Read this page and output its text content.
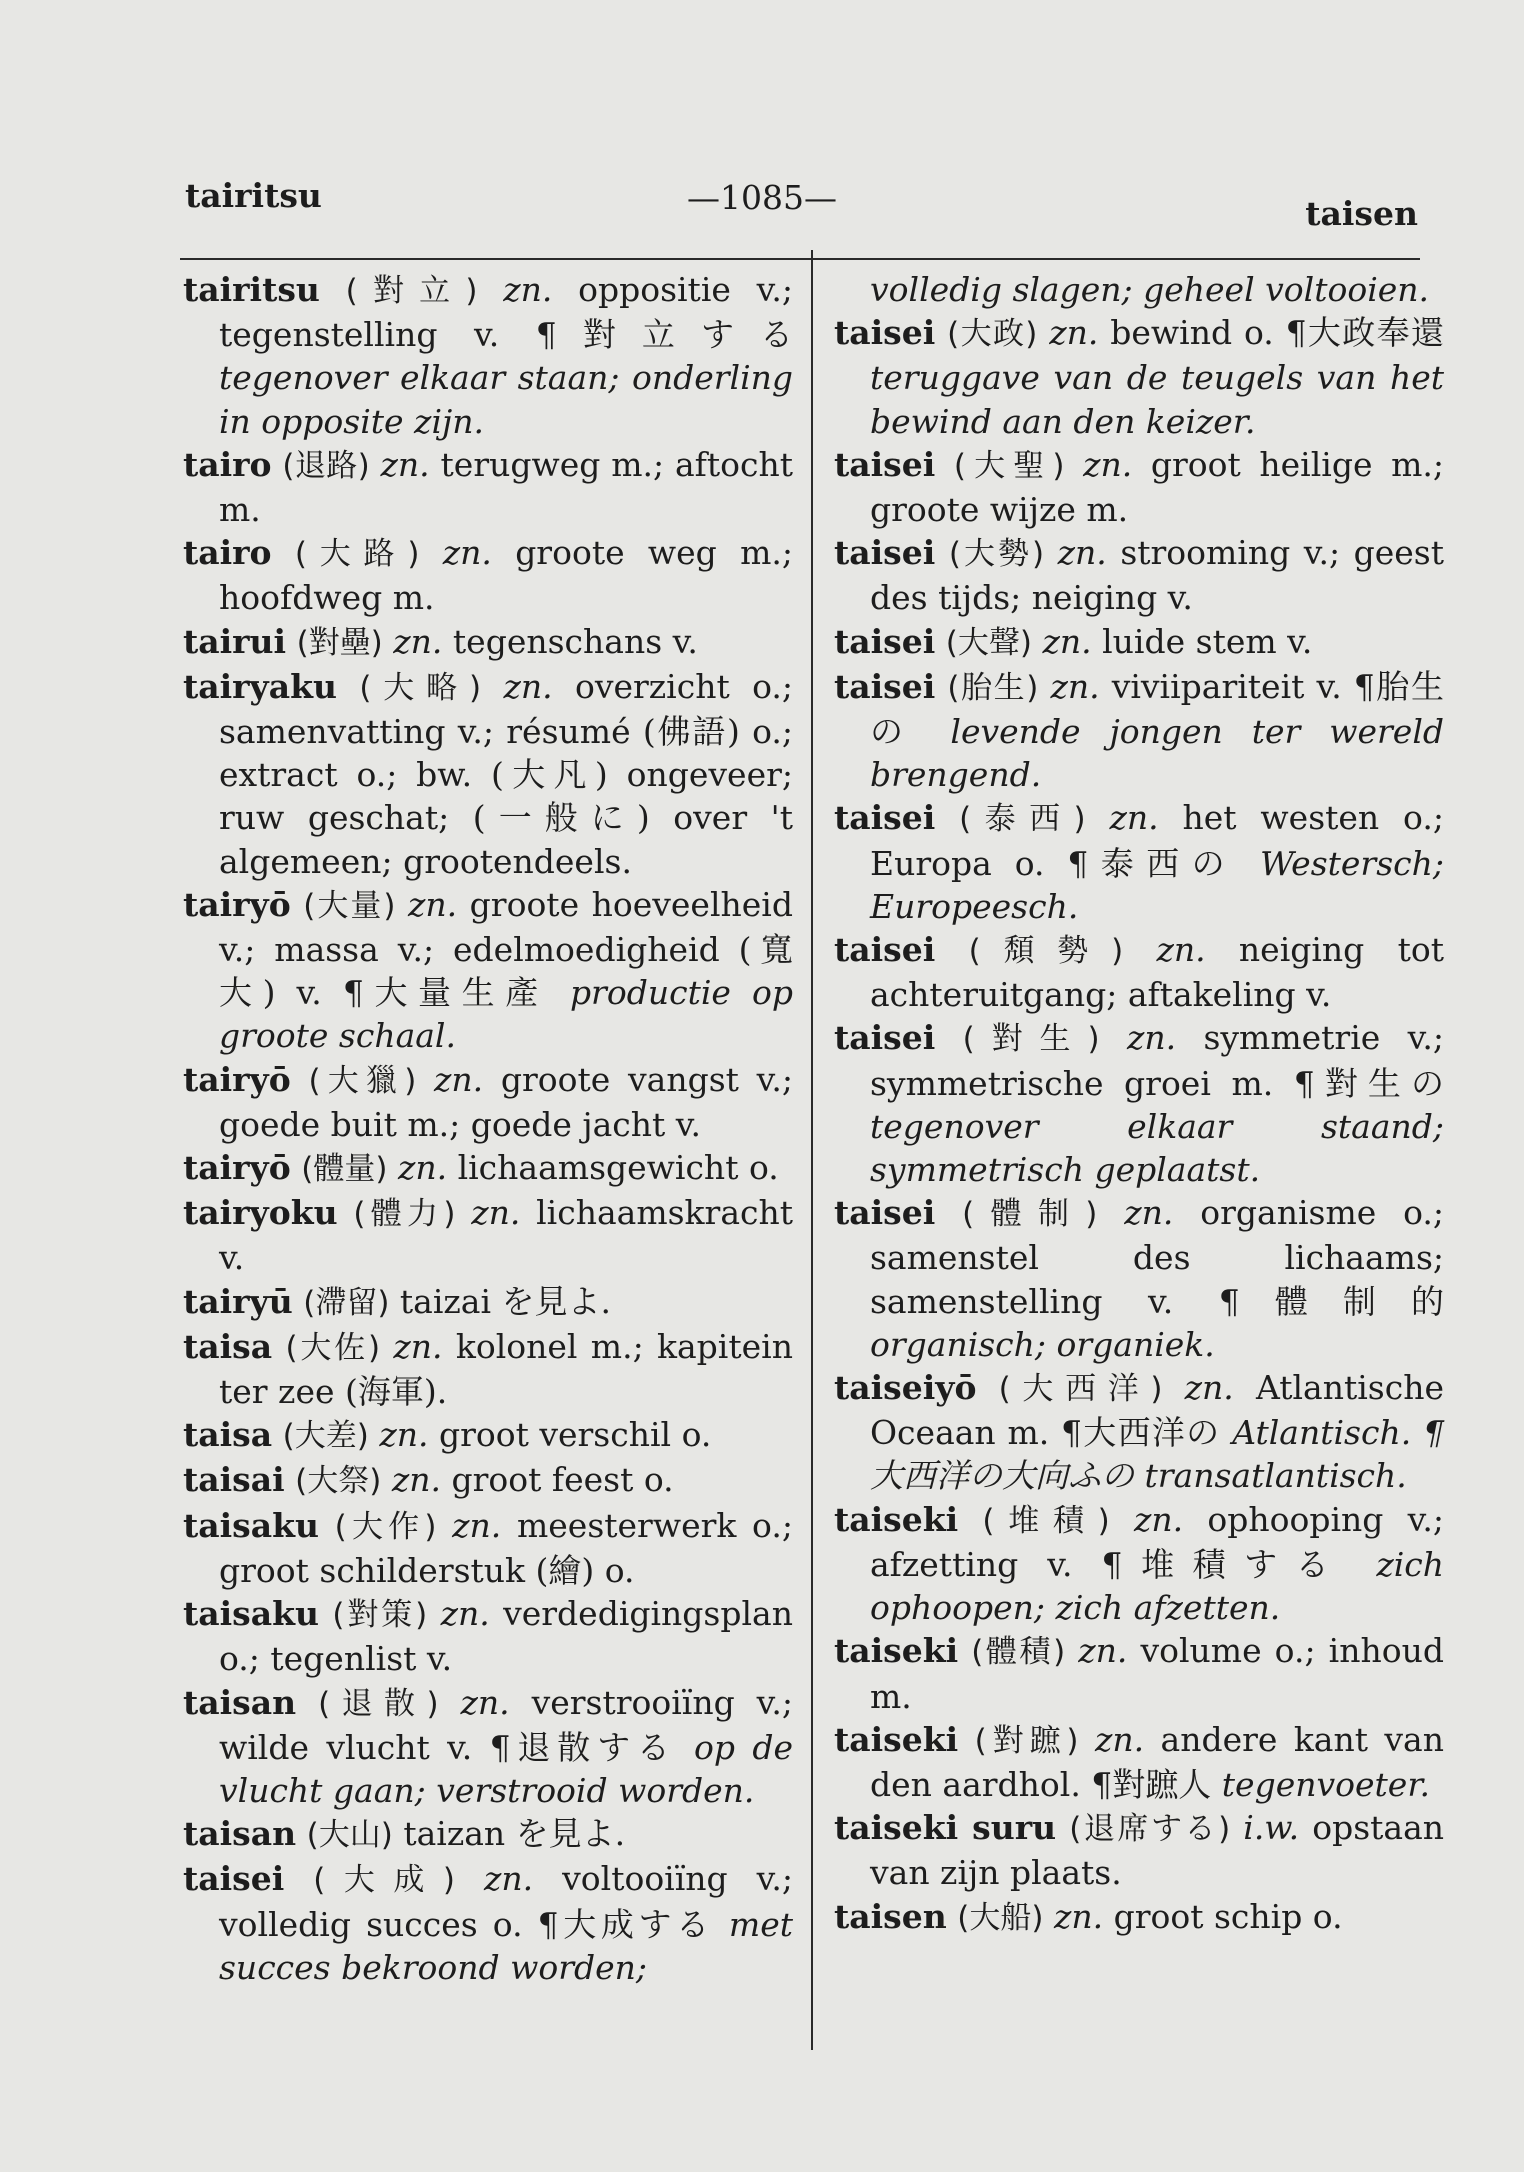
tairitsu	—1085—	taisen
tairitsu (對立) zn. oppositie v.; tegenstelling v. ¶對立する tegenover elkaar staan; onderling in opposite zijn.
tairo (退路) zn. terugweg m.; aftocht m.
tairo (大路) zn. groote weg m.; hoofdweg m.
tairui (對壘) zn. tegenschans v.
tairyaku (大略) zn. overzicht o.; samenvatting v.; résumé (佛語) o.; extract o.; bw. (大凡) ongeveer; ruw geschat; (一般に) over 't algemeen; grootendeels.
tairyō (大量) zn. groote hoeveelheid v.; massa v.; edelmoedigheid (寬大) v. ¶大量生產 productie op groote schaal.
tairyō (大獵) zn. groote vangst v.; goede buit m.; goede jacht v.
tairyō (體量) zn. lichaamsgewicht o.
tairyoku (體力) zn. lichaamskracht v.
tairyū (滯留) taizai を見よ.
taisa (大佐) zn. kolonel m.; kapitein ter zee (海軍).
taisa (大差) zn. groot verschil o.
taisai (大祭) zn. groot feest o.
taisaku (大作) zn. meesterwerk o.; groot schilderstuk (繪) o.
taisaku (對策) zn. verdedigingsplan o.; tegenlist v.
taisan (退散) zn. verstrooiïng v.; wilde vlucht v. ¶退散する op de vlucht gaan; verstrooid worden.
taisan (大山) taizan を見よ.
taisei (大成) zn. voltooiïng v.; volledig succes o. ¶大成する met succes bekroond worden;
volledig slagen; geheel voltooien.
taisei (大政) zn. bewind o. ¶大政奉還 teruggave van de teugels van het bewind aan den keizer.
taisei (大聖) zn. groot heilige m.; groote wijze m.
taisei (大勢) zn. strooming v.; geest des tijds; neiging v.
taisei (大聲) zn. luide stem v.
taisei (胎生) zn. viviipariteit v. ¶胎生の levende jongen ter wereld brengend.
taisei (泰西) zn. het westen o.; Europa o. ¶泰西の Westersch; Europeesch.
taisei (頽勢) zn. neiging tot achteruitgang; aftakeling v.
taisei (對生) zn. symmetrie v.; symmetrische groei m. ¶對生の tegenover elkaar staand; symmetrisch geplaatst.
taisei (體制) zn. organisme o.; samenstel des lichaams; samenstelling v. ¶體制的 organisch; organiek.
taiseiyō (大西洋) zn. Atlantische Oceaan m. ¶大西洋の Atlantisch. ¶大西洋の大向ふの transatlantisch.
taiseki (堆積) zn. ophooping v.; afzetting v. ¶堆積する zich ophoopen; zich afzetten.
taiseki (體積) zn. volume o.; inhoud m.
taiseki (對蹠) zn. andere kant van den aardhol. ¶對蹠人 tegenvoeter.
taiseki suru (退席する) i.w. opstaan van zijn plaats.
taisen (大船) zn. groot schip o.
